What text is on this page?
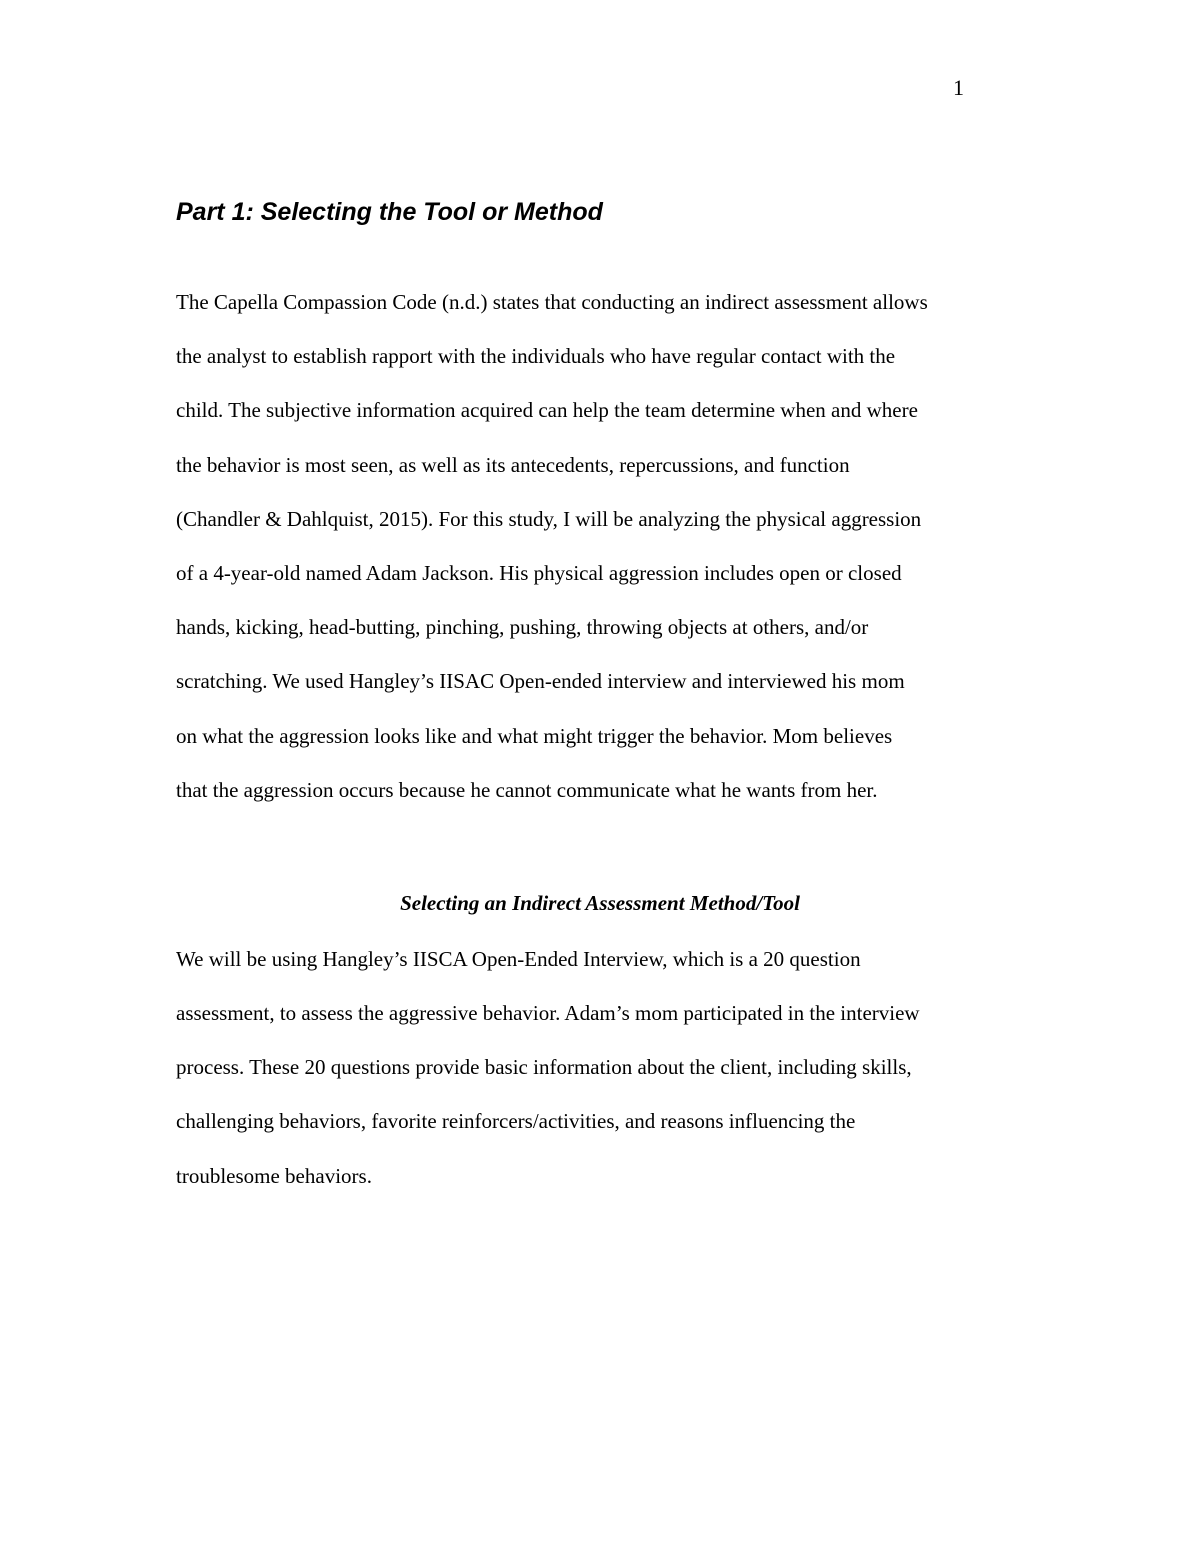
1
Part 1: Selecting the Tool or Method
The Capella Compassion Code (n.d.) states that conducting an indirect assessment allows
the analyst to establish rapport with the individuals who have regular contact with the
child. The subjective information acquired can help the team determine when and where
the behavior is most seen, as well as its antecedents, repercussions, and function
(Chandler & Dahlquist, 2015). For this study, I will be analyzing the physical aggression
of a 4-year-old named Adam Jackson. His physical aggression includes open or closed
hands, kicking, head-butting, pinching, pushing, throwing objects at others, and/or
scratching. We used Hangley’s IISAC Open-ended interview and interviewed his mom
on what the aggression looks like and what might trigger the behavior. Mom believes
that the aggression occurs because he cannot communicate what he wants from her.
Selecting an Indirect Assessment Method/Tool
We will be using Hangley’s IISCA Open-Ended Interview, which is a 20 question
assessment, to assess the aggressive behavior. Adam’s mom participated in the interview
process. These 20 questions provide basic information about the client, including skills,
challenging behaviors, favorite reinforcers/activities, and reasons influencing the
troublesome behaviors.
